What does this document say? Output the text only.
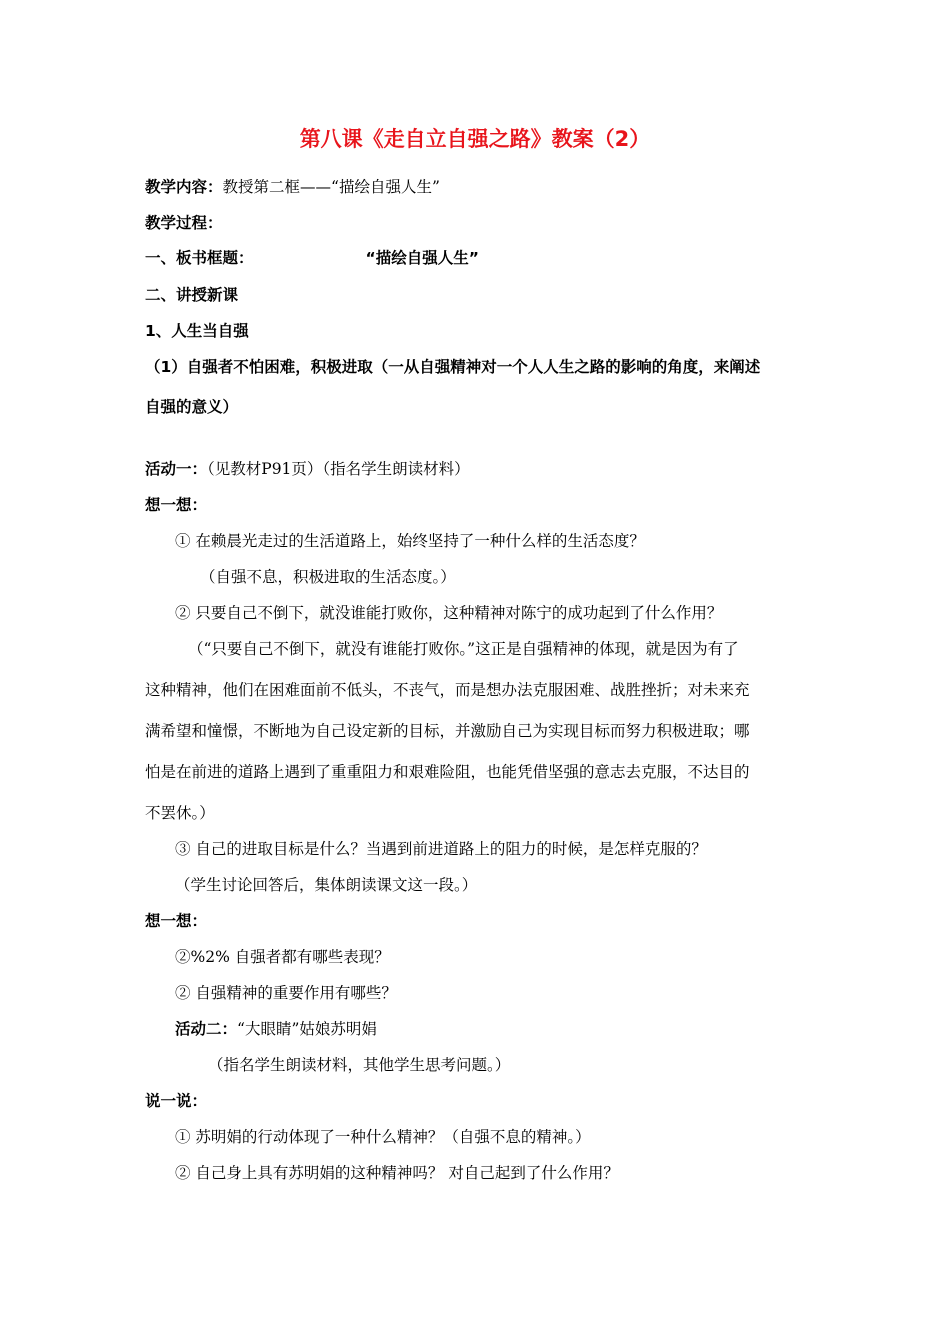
第八课《走自立自强之路》教案（2）
教学内容：教授第二框——“描绘自强人生”
教学过程：
一、板书框题：	“描绘自强人生”
二、讲授新课
1、人生当自强
（1）自强者不怕困难，积极进取（一从自强精神对一个人人生之路的影响的角度，来阐述
自强的意义）
活动一：（见教材P91页）（指名学生朗读材料）
想一想：
① 在赖晨光走过的生活道路上，始终坚持了一种什么样的生活态度？
（自强不息，积极进取的生活态度。）
② 只要自己不倒下，就没谁能打败你，这种精神对陈宁的成功起到了什么作用？
（“只要自己不倒下，就没有谁能打败你。”这正是自强精神的体现，就是因为有了
这种精神，他们在困难面前不低头，不丧气，而是想办法克服困难、战胜挫折；对未来充
满希望和憧憬，不断地为自己设定新的目标，并激励自己为实现目标而努力积极进取；哪
怕是在前进的道路上遇到了重重阻力和艰难险阻，也能凭借坚强的意志去克服，不达目的
不罢休。）
③ 自己的进取目标是什么？当遇到前进道路上的阻力的时候，是怎样克服的？
（学生讨论回答后，集体朗读课文这一段。）
想一想：
②%2% 自强者都有哪些表现？
② 自强精神的重要作用有哪些？
活动二：“大眼睛”姑娘苏明娟
（指名学生朗读材料，其他学生思考问题。）
说一说：
① 苏明娟的行动体现了一种什么精神？（自强不息的精神。）
② 自己身上具有苏明娟的这种精神吗？ 对自己起到了什么作用？
